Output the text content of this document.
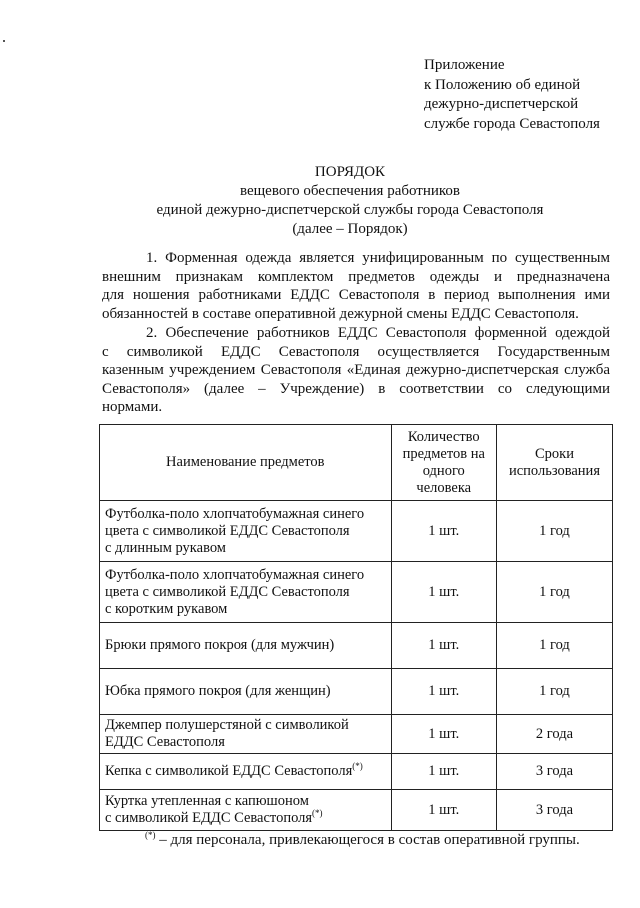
Приложение
к Положению об единой
дежурно-диспетчерской
службе города Севастополя
ПОРЯДОК
вещевого обеспечения работников
единой дежурно-диспетчерской службы города Севастополя
(далее – Порядок)
1. Форменная одежда является унифицированным по существенным
внешним признакам комплектом предметов одежды и предназначена
для ношения работниками ЕДДС Севастополя в период выполнения ими
обязанностей в составе оперативной дежурной смены ЕДДС Севастополя.
2. Обеспечение работников ЕДДС Севастополя форменной одеждой
с символикой ЕДДС Севастополя осуществляется Государственным
казенным учреждением Севастополя «Единая дежурно-диспетчерская служба
Севастополя» (далее – Учреждение) в соответствии со следующими
нормами.
Наименование предметов	Количество предметов на одного человека	Сроки использования

Футболка-поло хлопчатобумажная синего
цвета с символикой ЕДДС Севастополя
с длинным рукавом	1 шт.	1 год

Футболка-поло хлопчатобумажная синего
цвета с символикой ЕДДС Севастополя
с коротким рукавом	1 шт.	1 год

Брюки прямого покроя (для мужчин)	1 шт.	1 год

Юбка прямого покроя (для женщин)	1 шт.	1 год

Джемпер полушерстяной с символикой
ЕДДС Севастополя	1 шт.	2 года

Кепка с символикой ЕДДС Севастополя(*)	1 шт.	3 года

Куртка утепленная с капюшоном
с символикой ЕДДС Севастополя(*)	1 шт.	3 года
(*) – для персонала, привлекающегося в состав оперативной группы.
